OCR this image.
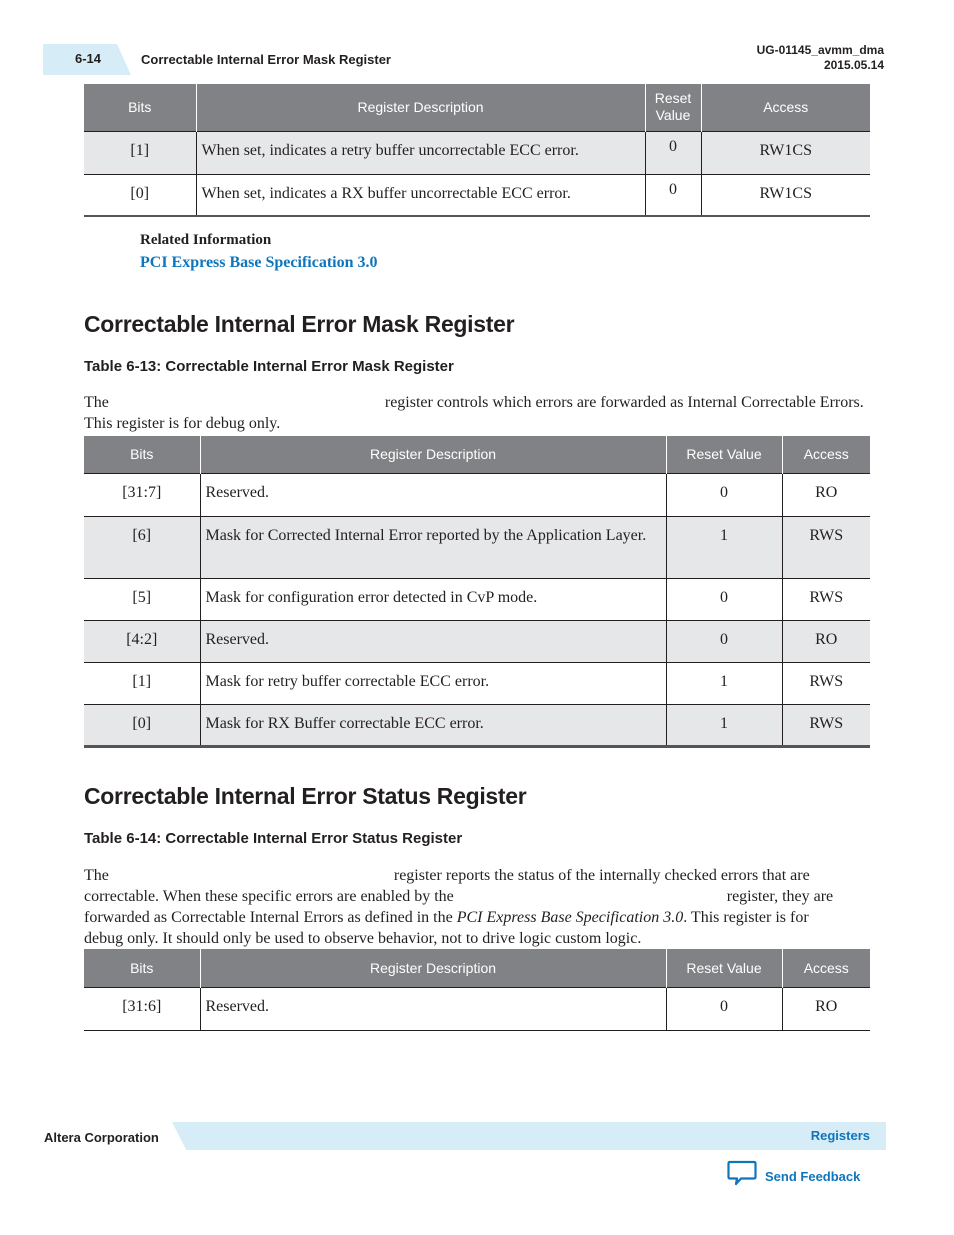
6-14	Correctable Internal Error Mask Register
UG-01145_avmm_dma
2015.05.14
Bits	Register Description	Reset Value	Access
[1]	When set, indicates a retry buffer uncorrectable ECC error.	0	RW1CS
[0]	When set, indicates a RX buffer uncorrectable ECC error.	0	RW1CS
Related Information
PCI Express Base Specification 3.0
Correctable Internal Error Mask Register
Table 6-13: Correctable Internal Error Mask Register
The	register controls which errors are forwarded as Internal Correctable Errors. This register is for debug only.
Bits	Register Description	Reset Value	Access
[31:7]	Reserved.	0	RO
[6]	Mask for Corrected Internal Error reported by the Application Layer.	1	RWS
[5]	Mask for configuration error detected in CvP mode.	0	RWS
[4:2]	Reserved.	0	RO
[1]	Mask for retry buffer correctable ECC error.	1	RWS
[0]	Mask for RX Buffer correctable ECC error.	1	RWS
Correctable Internal Error Status Register
Table 6-14: Correctable Internal Error Status Register
The	register reports the status of the internally checked errors that are
correctable. When these specific errors are enabled by the	register, they are
forwarded as Correctable Internal Errors as defined in the PCI Express Base Specification 3.0. This register is for
debug only. It should only be used to observe behavior, not to drive logic custom logic.
Bits	Register Description	Reset Value	Access
[31:6]	Reserved.	0	RO
Altera Corporation	Registers
Send Feedback
